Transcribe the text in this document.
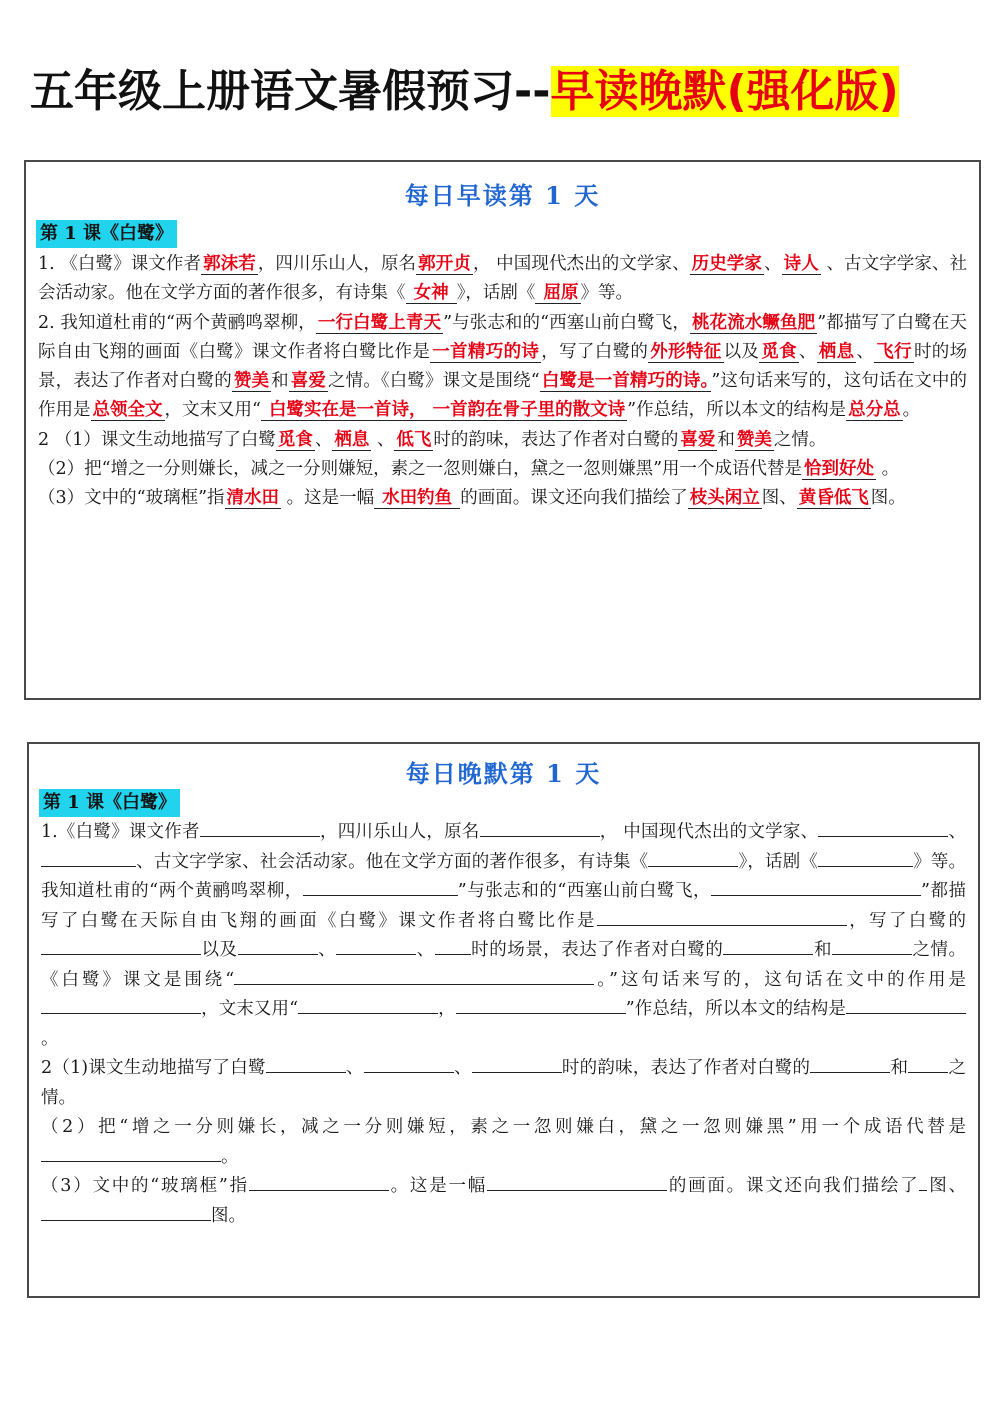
五年级上册语文暑假预习--早读晚默(强化版)
每日早读第 1 天
第 1 课《白鹭》

1. 《白鹭》课文作者 郭沫若 ，四川乐山人，原名 郭开贞 ， 中国现代杰出的文学家、 历史学家 、 诗人 、古文字学家、社会活动家。他在文学方面的著作很多，有诗集《 女神 》，话剧《 屈原 》等。

2. 我知道杜甫的“两个黄鹂鸣翠柳， 一行白鹭上青天 ”与张志和的“西塞山前白鹭飞， 桃花流水鳜鱼肥 ”都描写了白鹭在天际自由飞翔的画面《白鹭》课文作者将白鹭比作是 一首精巧的诗 ，写了白鹭的 外形特征 以及 觅食 、 栖息 、 飞行 时的场景，表达了作者对白鹭的 赞美 和 喜爱 之情。《白鹭》课文是围绕“ 白鹭是一首精巧的诗。 ”这句话来写的，这句话在文中的作用是 总领全文 ，文末又用“ 白鹭实在是一首诗， 一首韵在骨子里的散文诗 ”作总结，所以本文的结构是 总分总 。

2 （1）课文生动地描写了白鹭 觅食 、 栖息 、 低飞 时的韵味，表达了作者对白鹭的 喜爱 和 赞美 之情。

（2）把“增之一分则嫌长，减之一分则嫌短，素之一忽则嫌白，黛之一忽则嫌黑”用一个成语代替是 恰到好处 。

（3）文中的“玻璃框”指 清水田 。这是一幅 水田钓鱼 的画面。课文还向我们描绘了 枝头闲立 图、 黄昏低飞 图。

每日晚默第 1 天
第 1 课《白鹭》

1.《白鹭》课文作者	，四川乐山人，原名	， 中国现代杰出的文学家、	、、古文字学家、社会活动家。他在文学方面的著作很多，有诗集《	》，话剧《	》等。我知道杜甫的“两个黄鹂鸣翠柳，	”与张志和的“西塞山前白鹭飞，	”都描写了白鹭在天际自由飞翔的画面《白鹭》课文作者将白鹭比作是	，写了白鹭的以及	、	、 时的场景，表达了作者对白鹭的	和	之情。《白鹭》课文是围绕“	。”这句话来写的，这句话在文中的作用是，文末又用“	，	”作总结，所以本文的结构是。

2（1)课文生动地描写了白鹭	、	、	时的韵味，表达了作者对白鹭的	和 之情。

（2）把“增之一分则嫌长，减之一分则嫌短，素之一忽则嫌白，黛之一忽则嫌黑”用一个成语代替是。

（3）文中的“玻璃框”指	。这是一幅	的画面。课文还向我们描绘了 图、图。
